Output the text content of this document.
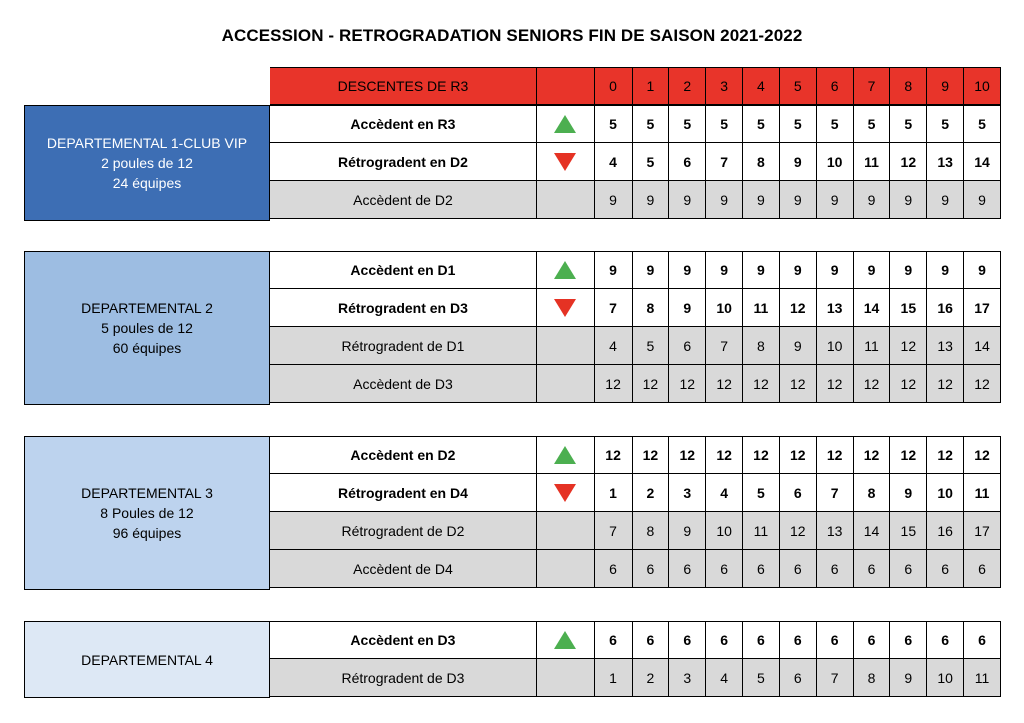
ACCESSION - RETROGRADATION SENIORS FIN DE SAISON 2021-2022
DESCENTES DE R3	0	1	2	3	4	5	6	7	8	9	10
DEPARTEMENTAL 1-CLUB VIP
2 poules de 12
24 équipes
Accèdent en R3	5	5	5	5	5	5	5	5	5	5	5
Rétrogradent en D2	4	5	6	7	8	9	10	11	12	13	14
Accèdent de D2	9	9	9	9	9	9	9	9	9	9	9
DEPARTEMENTAL 2
5 poules de 12
60 équipes
Accèdent en D1	9	9	9	9	9	9	9	9	9	9	9
Rétrogradent en D3	7	8	9	10	11	12	13	14	15	16	17
Rétrogradent de D1	4	5	6	7	8	9	10	11	12	13	14
Accèdent de D3	12	12	12	12	12	12	12	12	12	12	12
DEPARTEMENTAL 3
8 Poules de 12
96 équipes
Accèdent en D2	12	12	12	12	12	12	12	12	12	12	12
Rétrogradent en D4	1	2	3	4	5	6	7	8	9	10	11
Rétrogradent de D2	7	8	9	10	11	12	13	14	15	16	17
Accèdent de D4	6	6	6	6	6	6	6	6	6	6	6
DEPARTEMENTAL 4
Accèdent en D3	6	6	6	6	6	6	6	6	6	6	6
Rétrogradent de D3	1	2	3	4	5	6	7	8	9	10	11
